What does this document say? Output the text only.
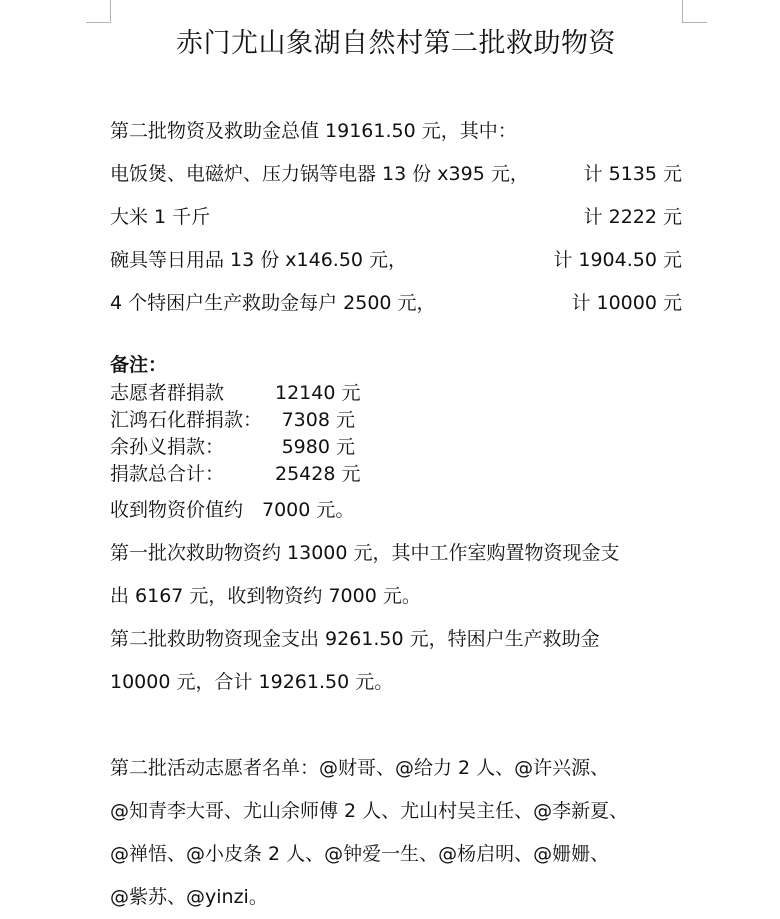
赤门尤山象湖自然村第二批救助物资
第二批物资及救助金总值 19161.50 元，其中：
电饭煲、电磁炉、压力锅等电器 13 份 x395 元，	计 5135 元
大米 1 千斤	计 2222 元
碗具等日用品 13 份 x146.50 元，	计 1904.50 元
4 个特困户生产救助金每户 2500 元，	计 10000 元
备注：
志愿者群捐款	12140 元
汇鸿石化群捐款： 7308 元
余孙义捐款：	5980 元
捐款总合计：	25428 元
收到物资价值约　7000 元。
第一批次救助物资约 13000 元，其中工作室购置物资现金支
出 6167 元，收到物资约 7000 元。
第二批救助物资现金支出 9261.50 元，特困户生产救助金
10000 元，合计 19261.50 元。
第二批活动志愿者名单：@财哥、@给力 2 人、@许兴源、
@知青李大哥、尤山余师傅 2 人、尤山村吴主任、@李新夏、
@禅悟、@小皮条 2 人、@钟爱一生、@杨启明、@姗姗、
@紫苏、@yinzi。
